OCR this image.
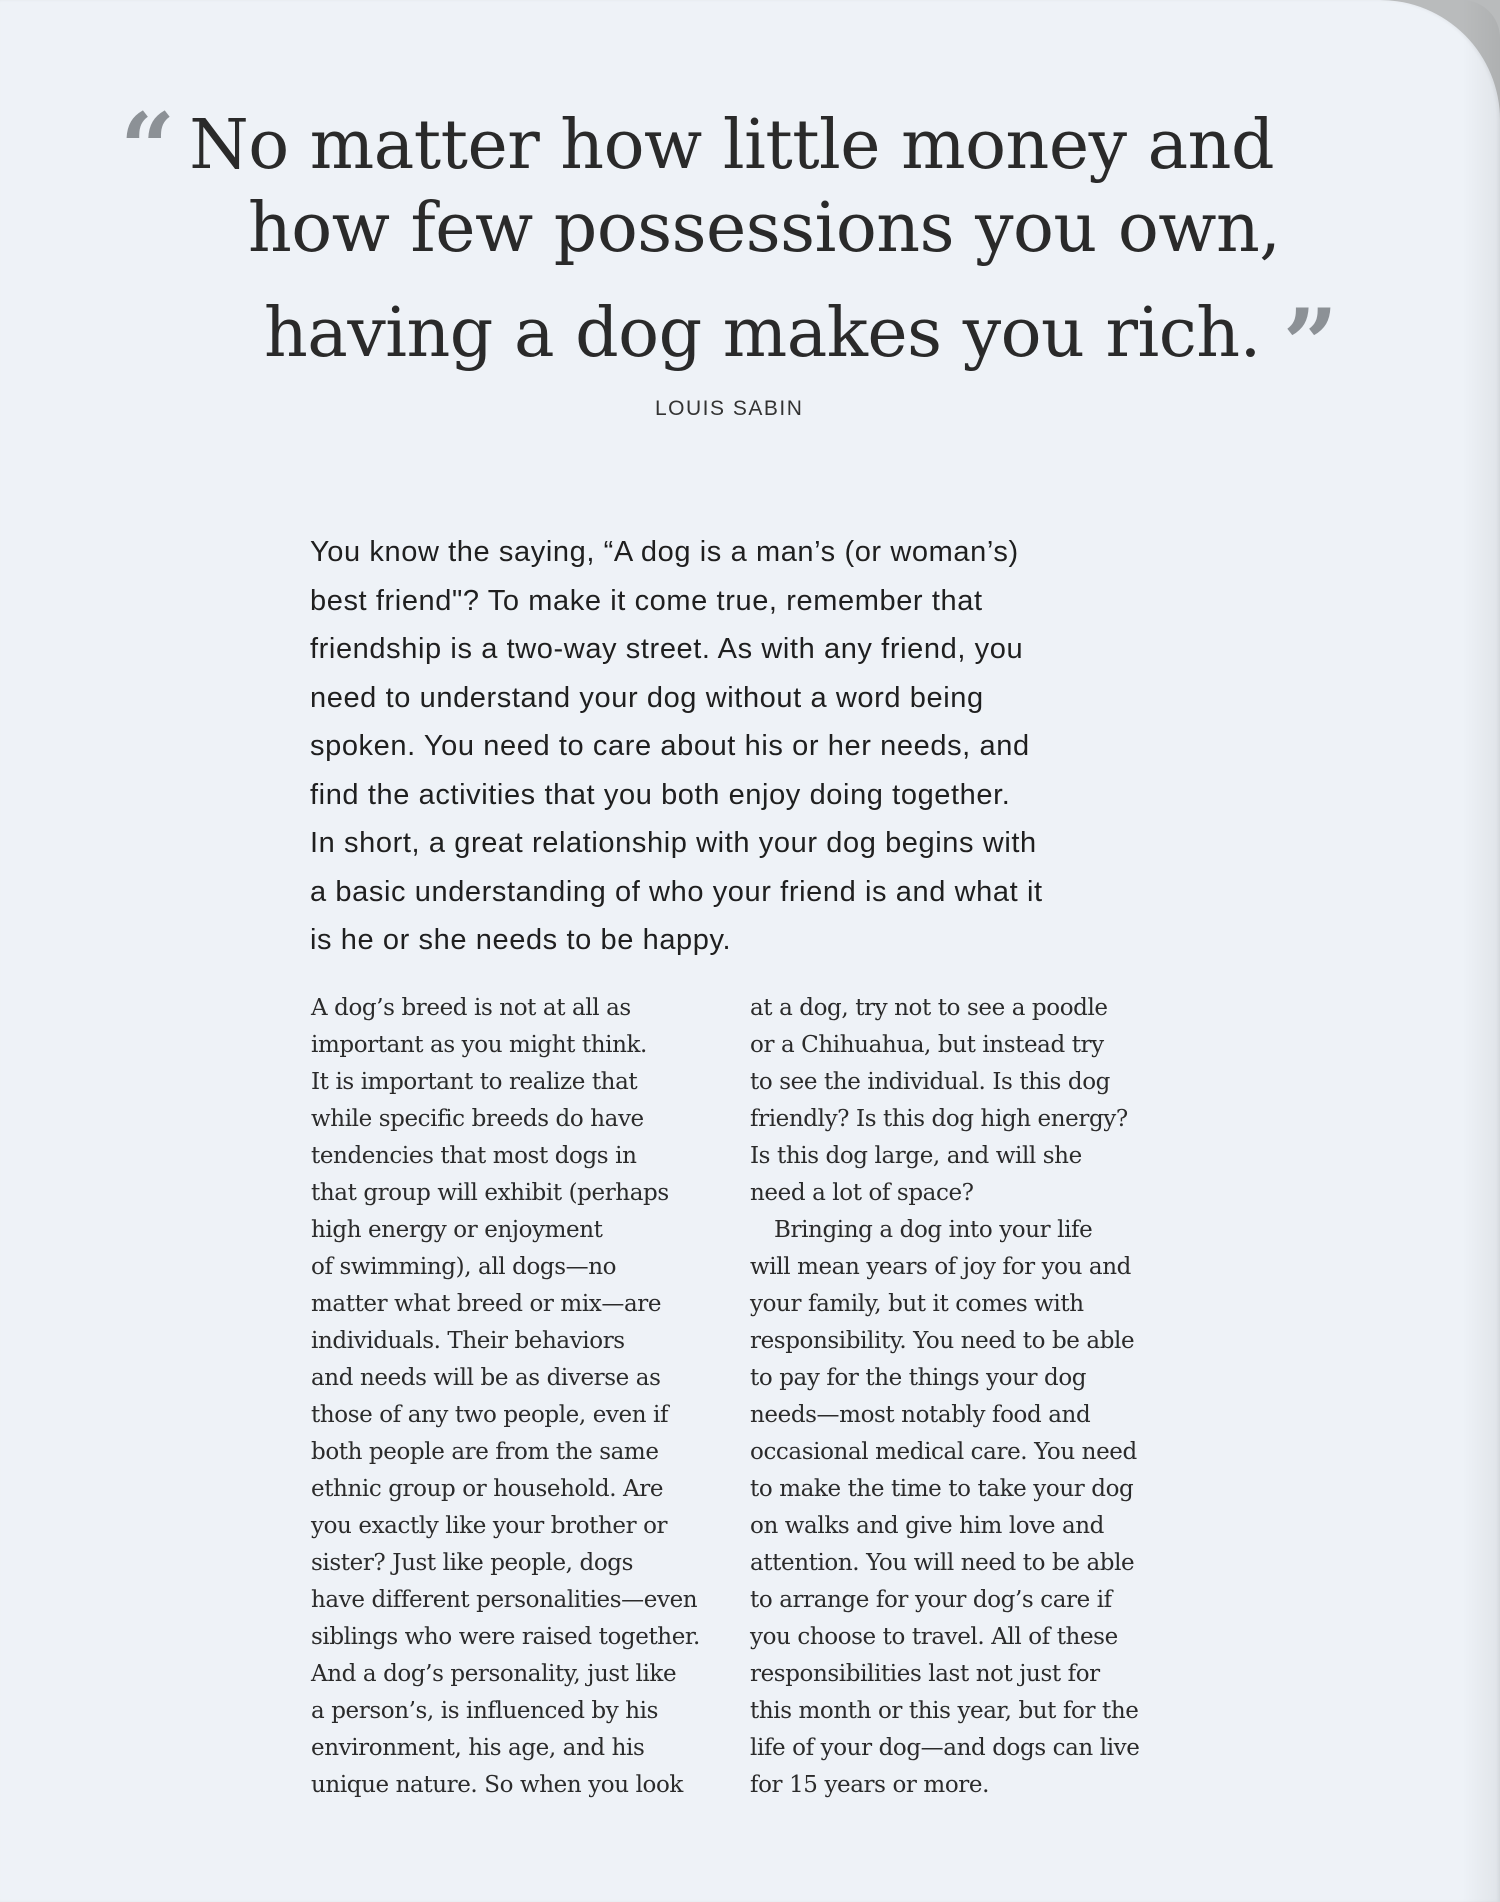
“ No matter how little money and
how few possessions you own,
having a dog makes you rich. ”
LOUIS SABIN
You know the saying, “A dog is a man’s (or woman’s)
best friend"? To make it come true, remember that
friendship is a two-way street. As with any friend, you
need to understand your dog without a word being
spoken. You need to care about his or her needs, and
find the activities that you both enjoy doing together.
In short, a great relationship with your dog begins with
a basic understanding of who your friend is and what it
is he or she needs to be happy.
A dog’s breed is not at all as
important as you might think.
It is important to realize that
while specific breeds do have
tendencies that most dogs in
that group will exhibit (perhaps
high energy or enjoyment
of swimming), all dogs—no
matter what breed or mix—are
individuals. Their behaviors
and needs will be as diverse as
those of any two people, even if
both people are from the same
ethnic group or household. Are
you exactly like your brother or
sister? Just like people, dogs
have different personalities—even
siblings who were raised together.
And a dog’s personality, just like
a person’s, is influenced by his
environment, his age, and his
unique nature. So when you look
at a dog, try not to see a poodle
or a Chihuahua, but instead try
to see the individual. Is this dog
friendly? Is this dog high energy?
Is this dog large, and will she
need a lot of space?
Bringing a dog into your life
will mean years of joy for you and
your family, but it comes with
responsibility. You need to be able
to pay for the things your dog
needs—most notably food and
occasional medical care. You need
to make the time to take your dog
on walks and give him love and
attention. You will need to be able
to arrange for your dog’s care if
you choose to travel. All of these
responsibilities last not just for
this month or this year, but for the
life of your dog—and dogs can live
for 15 years or more.
